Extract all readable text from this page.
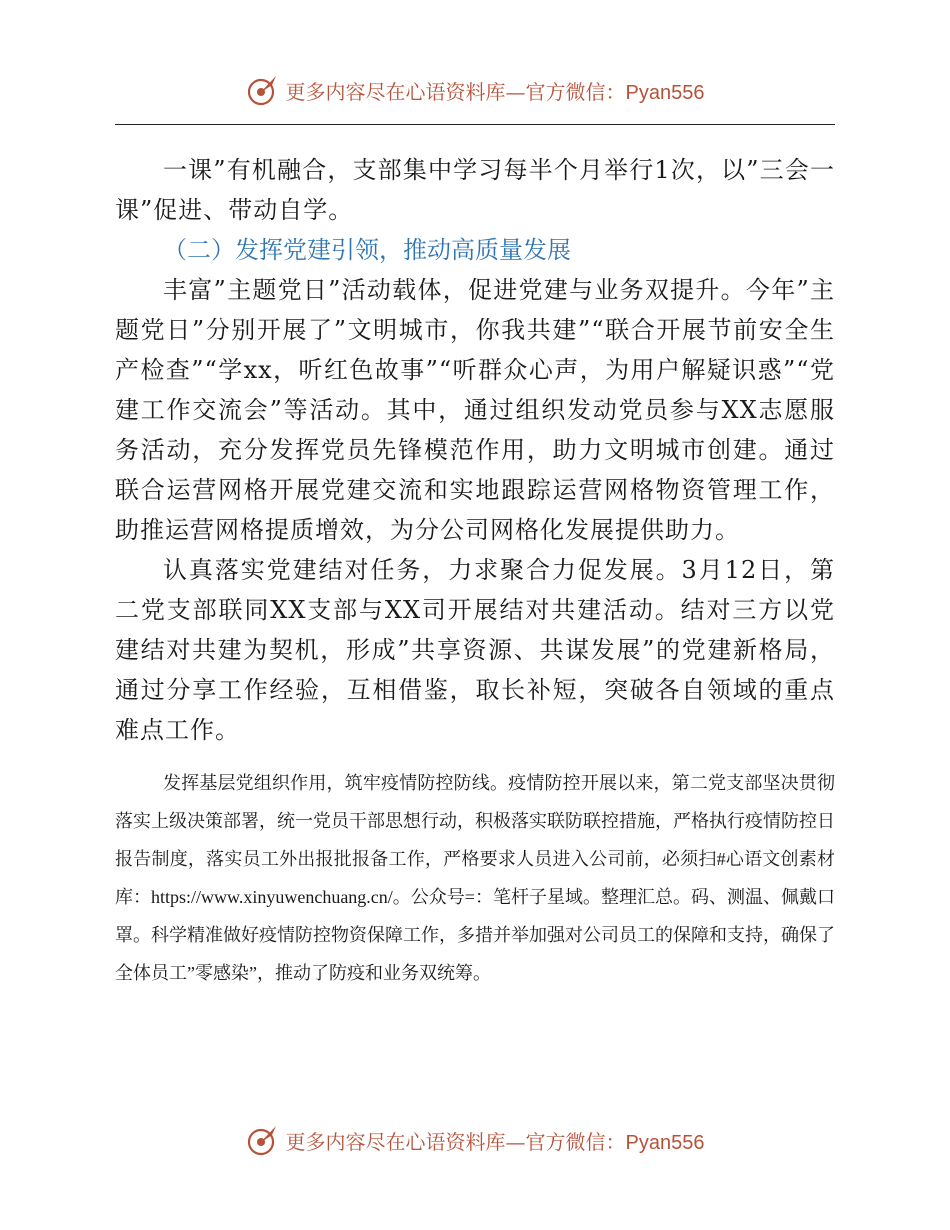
更多内容尽在心语资料库—官方微信：Pyan556

一课”有机融合，支部集中学习每半个月举行1次，以”三会一课”促进、带动自学。

（二）发挥党建引领，推动高质量发展

丰富”主题党日”活动载体，促进党建与业务双提升。今年”主题党日”分别开展了”文明城市，你我共建”“联合开展节前安全生产检查”“学xx，听红色故事”“听群众心声，为用户解疑识惑”“党建工作交流会”等活动。其中，通过组织发动党员参与XX志愿服务活动，充分发挥党员先锋模范作用，助力文明城市创建。通过联合运营网格开展党建交流和实地跟踪运营网格物资管理工作，助推运营网格提质增效，为分公司网格化发展提供助力。

认真落实党建结对任务，力求聚合力促发展。3月12日，第二党支部联同XX支部与XX司开展结对共建活动。结对三方以党建结对共建为契机，形成”共享资源、共谋发展”的党建新格局，通过分享工作经验，互相借鉴，取长补短，突破各自领域的重点难点工作。

发挥基层党组织作用，筑牢疫情防控防线。疫情防控开展以来，第二党支部坚决贯彻落实上级决策部署，统一党员干部思想行动，积极落实联防联控措施，严格执行疫情防控日报告制度，落实员工外出报批报备工作，严格要求人员进入公司前，必须扫#心语文创素材库：https://www.xinyuwenchuang.cn/。公众号=：笔杆子星域。整理汇总。码、测温、佩戴口罩。科学精准做好疫情防控物资保障工作，多措并举加强对公司员工的保障和支持，确保了全体员工”零感染”，推动了防疫和业务双统筹。

更多内容尽在心语资料库—官方微信：Pyan556
